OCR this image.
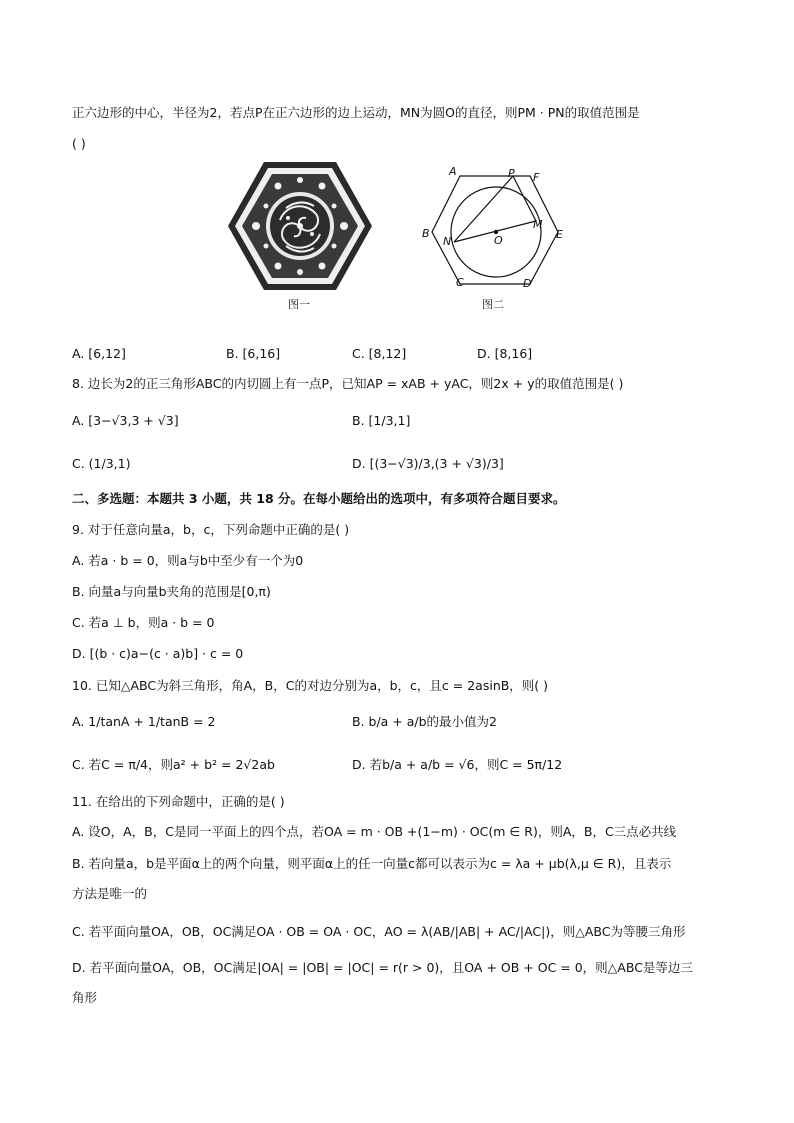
正六边形的中心，半径为2，若点P在正六边形的边上运动，MN为圆O的直径，则PM · PN的取值范围是
( )
图一
A	P F
B
N	O
M
E
C	D
图二
A. [6,12]	B. [6,16]	C. [8,12]	D. [8,16]
8. 边长为2的正三角形ABC的内切圆上有一点P，已知AP = xAB + yAC，则2x + y的取值范围是( )
A. [3−√3,3 + √3]	B. [1/3,1]
C. (1/3,1)	D. [(3−√3)/3,(3 + √3)/3]
二、多选题：本题共 3 小题，共 18 分。在每小题给出的选项中，有多项符合题目要求。
9. 对于任意向量a，b，c，下列命题中正确的是( )
A. 若a · b = 0，则a与b中至少有一个为0
B. 向量a与向量b夹角的范围是[0,π)
C. 若a ⊥ b，则a · b = 0
D. [(b · c)a−(c · a)b] · c = 0
10. 已知△ABC为斜三角形，角A，B，C的对边分别为a，b，c，且c = 2asinB，则( )
A. 1/tanA + 1/tanB = 2	B. b/a + a/b的最小值为2
C. 若C = π/4，则a² + b² = 2√2ab	D. 若b/a + a/b = √6，则C = 5π/12
11. 在给出的下列命题中，正确的是( )
A. 设O，A，B，C是同一平面上的四个点，若OA = m · OB +(1−m) · OC(m ∈ R)，则A，B，C三点必共线
B. 若向量a，b是平面α上的两个向量，则平面α上的任一向量c都可以表示为c = λa + μb(λ,μ ∈ R)，且表示
方法是唯一的
C. 若平面向量OA，OB，OC满足OA · OB = OA · OC，AO = λ(AB/|AB| + AC/|AC|)，则△ABC为等腰三角形
D. 若平面向量OA，OB，OC满足|OA| = |OB| = |OC| = r(r > 0)，且OA + OB + OC = 0，则△ABC是等边三
角形
